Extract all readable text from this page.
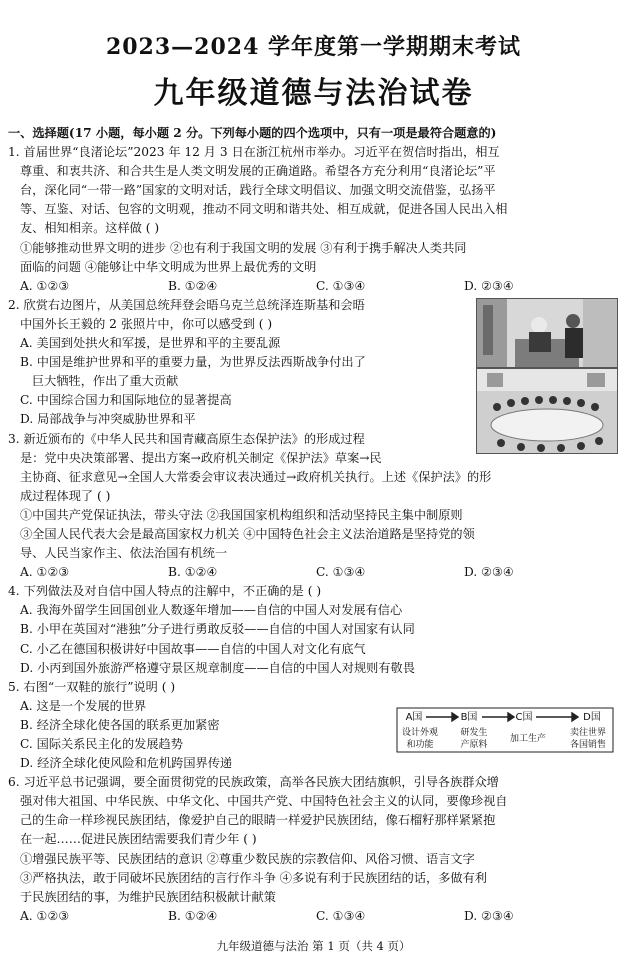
2023—2024 学年度第一学期期末考试
九年级道德与法治试卷
一、选择题(17 小题，每小题 2 分。下列每小题的四个选项中，只有一项是最符合题意的)
1. 首届世界“良渚论坛”2023 年 12 月 3 日在浙江杭州市举办。习近平在贺信时指出，相互
尊重、和衷共济、和合共生是人类文明发展的正确道路。希望各方充分利用“良渚论坛”平
台，深化同“一带一路”国家的文明对话，践行全球文明倡议、加强文明交流借鉴，弘扬平
等、互鉴、对话、包容的文明观，推动不同文明和谐共处、相互成就，促进各国人民出入相
友、相知相亲。这样做 ( )
①能够推动世界文明的进步 ②也有利于我国文明的发展 ③有利于携手解决人类共同
面临的问题 ④能够让中华文明成为世界上最优秀的文明
A. ①②③	B. ①②④	C. ①③④	D. ②③④
2. 欣赏右边图片，从美国总统拜登会晤乌克兰总统泽连斯基和会晤
中国外长王毅的 2 张照片中，你可以感受到 ( )
A. 美国到处拱火和军援，是世界和平的主要乱源
B. 中国是维护世界和平的重要力量，为世界反法西斯战争付出了
巨大牺牲，作出了重大贡献
C. 中国综合国力和国际地位的显著提高
D. 局部战争与冲突威胁世界和平
3. 新近颁布的《中华人民共和国青藏高原生态保护法》的形成过程
是：党中央决策部署、提出方案→政府机关制定《保护法》草案→民
主协商、征求意见→全国人大常委会审议表决通过→政府机关执行。上述《保护法》的形
成过程体现了 ( )
①中国共产党保证执法，带头守法 ②我国国家机构组织和活动坚持民主集中制原则
③全国人民代表大会是最高国家权力机关 ④中国特色社会主义法治道路是坚持党的领
导、人民当家作主、依法治国有机统一
A. ①②③	B. ①②④	C. ①③④	D. ②③④
4. 下列做法及对自信中国人特点的注解中，不正确的是 ( )
A. 我海外留学生回国创业人数逐年增加——自信的中国人对发展有信心
B. 小甲在英国对“港独”分子进行勇敢反驳——自信的中国人对国家有认同
C. 小乙在德国积极讲好中国故事——自信的中国人对文化有底气
D. 小丙到国外旅游严格遵守景区规章制度——自信的中国人对规则有敬畏
5. 右图“一双鞋的旅行”说明 ( )
A. 这是一个发展的世界
B. 经济全球化使各国的联系更加紧密
C. 国际关系民主化的发展趋势
D. 经济全球化使风险和危机跨国界传递
6. 习近平总书记强调，要全面贯彻党的民族政策，高举各民族大团结旗帜，引导各族群众增
强对伟大祖国、中华民族、中华文化、中国共产党、中国特色社会主义的认同，要像珍视自
己的生命一样珍视民族团结，像爱护自己的眼睛一样爱护民族团结，像石榴籽那样紧紧抱
在一起……促进民族团结需要我们青少年 ( )
①增强民族平等、民族团结的意识 ②尊重少数民族的宗教信仰、风俗习惯、语言文字
③严格执法，敢于同破坏民族团结的言行作斗争 ④多说有利于民族团结的话，多做有利
于民族团结的事，为维护民族团结积极献计献策
A. ①②③	B. ①②④	C. ①③④	D. ②③④
A国	B国	C国	D国
设计外观
和功能
研发生
产原料
加工生产
卖往世界
各国销售
九年级道德与法治 第 1 页（共 4 页）
